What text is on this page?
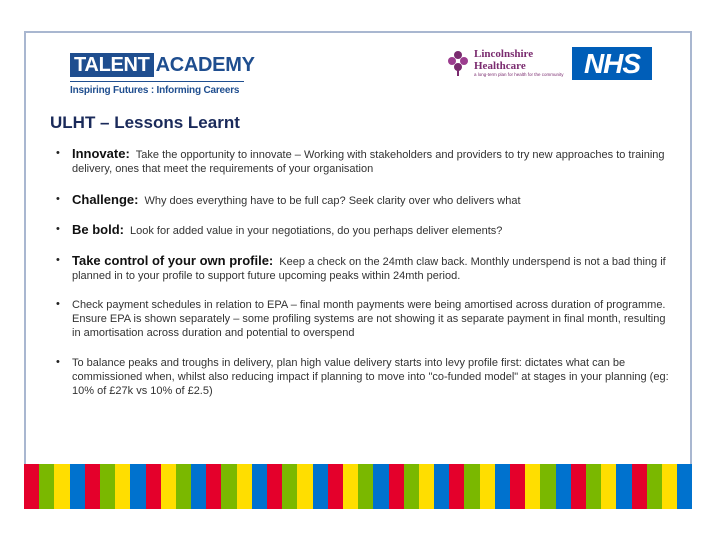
TALENT ACADEMY
Inspiring Futures : Informing Careers
Lincolnshire
Healthcare
a long-term plan for health for the community NHS
ULHT – Lessons Learnt
• Innovate: Take the opportunity to innovate – Working with stakeholders and providers to try new approaches to training delivery, ones that meet the requirements of your organisation
• Challenge: Why does everything have to be full cap? Seek clarity over who delivers what
• Be bold: Look for added value in your negotiations, do you perhaps deliver elements?
• Take control of your own profile: Keep a check on the 24mth claw back. Monthly underspend is not a bad thing if planned in to your profile to support future upcoming peaks within 24mth period.
• Check payment schedules in relation to EPA – final month payments were being amortised across duration of programme. Ensure EPA is shown separately – some profiling systems are not showing it as separate payment in final month, resulting in amortisation across duration and potential to overspend
• To balance peaks and troughs in delivery, plan high value delivery starts into levy profile first: dictates what can be commissioned when, whilst also reducing impact if planning to move into "co-funded model" at stages in your planning (eg: 10% of £27k vs 10% of £2.5)
